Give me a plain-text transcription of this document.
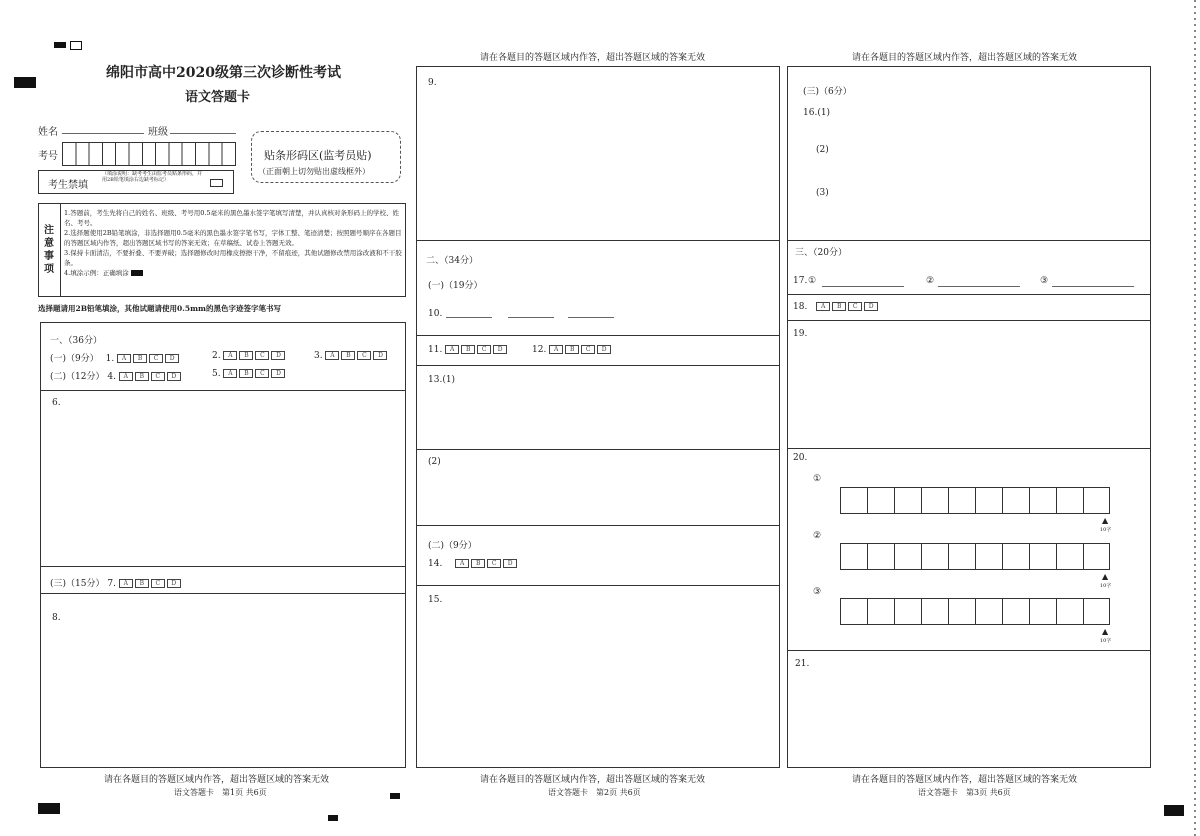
绵阳市高中2020级第三次诊断性考试
语文答题卡
姓名	班级
考号	贴条形码区(监考员贴)
（正面朝上切勿贴出虚线框外）
考生禁填
（填涂说明：缺考考生由监考员贴条形码，并用2B铅笔填涂右边缺考标记）
注意事项
1.答题前，考生先将自己的姓名、班级、考号用0.5毫米的黑色墨水签字笔填写清楚，并认真核对条形码上的学校、姓名、考号。
2.选择题使用2B铅笔填涂，非选择题用0.5毫米的黑色墨水签字笔书写，字体工整、笔迹清楚；按照题号顺序在各题目的答题区域内作答，超出答题区域书写的答案无效；在草稿纸、试卷上答题无效。
3.保持卡面清洁，不要折叠、不要弄破；选择题修改时用橡皮擦擦干净，不留痕迹，其他试题修改禁用涂改液和不干胶条。
4.填涂示例：正确填涂
选择题请用2B铅笔填涂，其他试题请使用0.5mm的黑色字迹签字笔书写
一、（36分）
(一)（9分） 1. A B C D	2. A B C D	3. A B C D
(二)（12分） 4. A B C D	5. A B C D
6.
(三)（15分） 7. A B C D
8.
请在各题目的答题区域内作答，超出答题区域的答案无效
语文答题卡　第1页 共6页
请在各题目的答题区域内作答，超出答题区域的答案无效
9.
二、（34分）
(一)（19分）
10.
11. A B C D	12. A B C D
13.(1)
(2)
(二)（9分）
14.	A B C D
15.
请在各题目的答题区域内作答，超出答题区域的答案无效
语文答题卡　第2页 共6页
请在各题目的答题区域内作答，超出答题区域的答案无效
(三)（6分）
16.(1)
(2)
(3)
三、（20分）
17. ①	②	③
18. A B C D
19.
20.
①
▲
10字
②
▲
10字
③
▲
10字
21.
请在各题目的答题区域内作答，超出答题区域的答案无效
语文答题卡　第3页 共6页
